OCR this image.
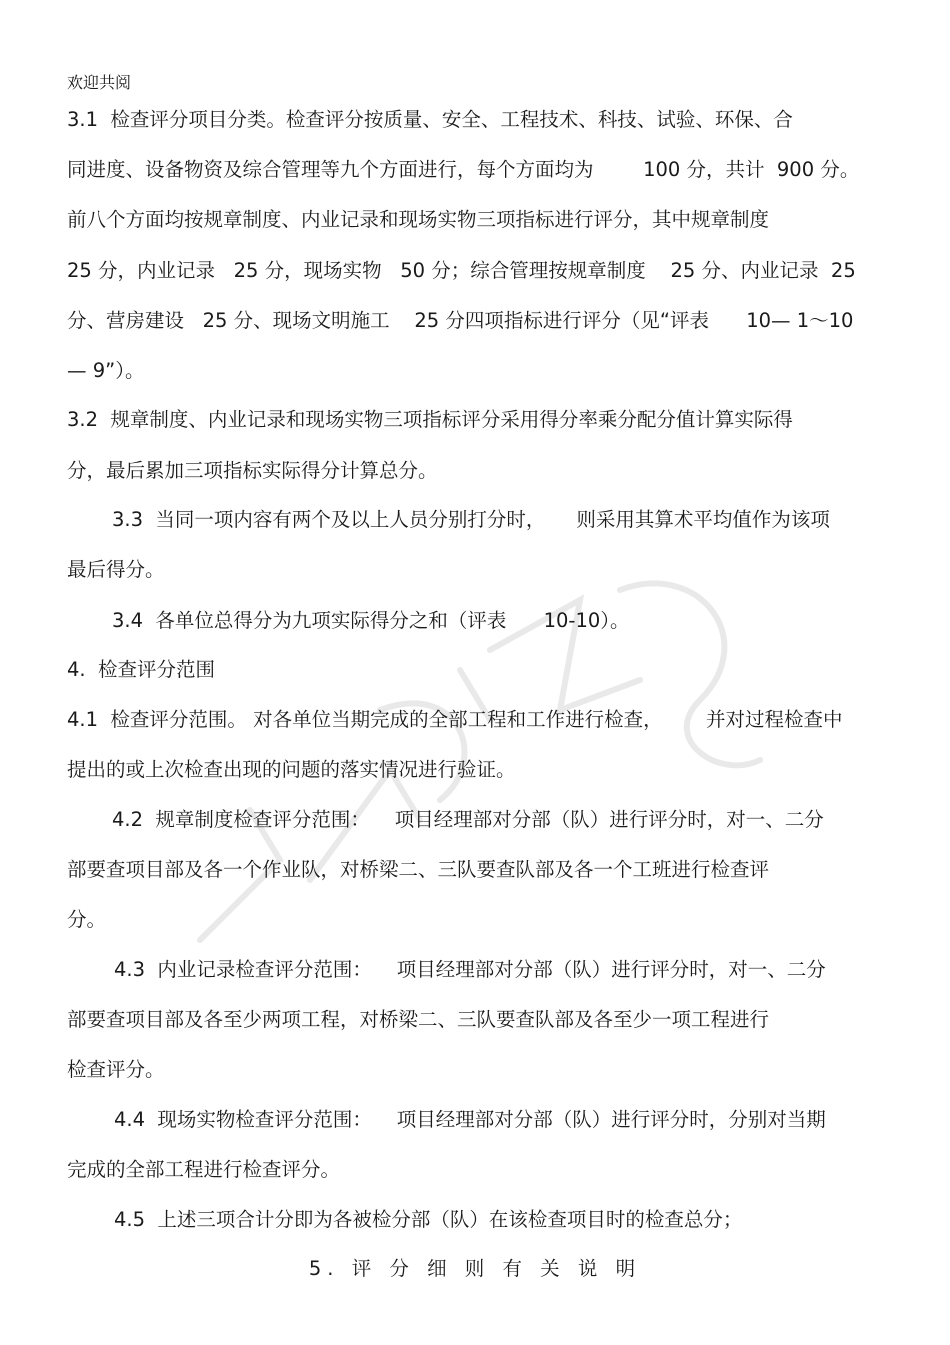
欢迎共阅
3.1  检查评分项目分类。检查评分按质量、安全、工程技术、科技、试验、环保、合
同进度、设备物资及综合管理等九个方面进行，每个方面均为        100 分，共计  900 分。
前八个方面均按规章制度、内业记录和现场实物三项指标进行评分，其中规章制度
25 分，内业记录   25 分，现场实物   50 分；综合管理按规章制度    25 分、内业记录  25
分、营房建设   25 分、现场文明施工    25 分四项指标进行评分（见“评表      10— 1～10
— 9”）。
3.2  规章制度、内业记录和现场实物三项指标评分采用得分率乘分配分值计算实际得
分，最后累加三项指标实际得分计算总分。
3.3  当同一项内容有两个及以上人员分别打分时，     则采用其算术平均值作为该项
最后得分。
3.4  各单位总得分为九项实际得分之和（评表      10-10）。
4.  检查评分范围
4.1  检查评分范围。 对各单位当期完成的全部工程和工作进行检查，       并对过程检查中
提出的或上次检查出现的问题的落实情况进行验证。
4.2  规章制度检查评分范围：    项目经理部对分部（队）进行评分时，对一、二分
部要查项目部及各一个作业队，对桥梁二、三队要查队部及各一个工班进行检查评
分。
4.3  内业记录检查评分范围：    项目经理部对分部（队）进行评分时，对一、二分
部要查项目部及各至少两项工程，对桥梁二、三队要查队部及各至少一项工程进行
检查评分。
4.4  现场实物检查评分范围：    项目经理部对分部（队）进行评分时，分别对当期
完成的全部工程进行检查评分。
4.5  上述三项合计分即为各被检分部（队）在该检查项目时的检查总分；
5. 评 分 细 则 有 关 说 明
